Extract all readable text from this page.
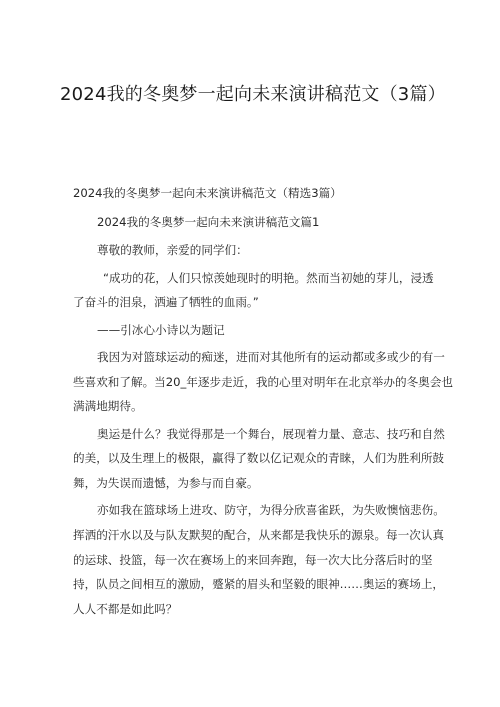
2024我的冬奥梦一起向未来演讲稿范文（3篇）
2024我的冬奥梦一起向未来演讲稿范文（精选3篇）
2024我的冬奥梦一起向未来演讲稿范文篇1
尊敬的教师，亲爱的同学们：
“成功的花，人们只惊羡她现时的明艳。然而当初她的芽儿，浸透
了奋斗的泪泉，洒遍了牺牲的血雨。”
——引冰心小诗以为题记
我因为对篮球运动的痴迷，进而对其他所有的运动都或多或少的有一
些喜欢和了解。当20_年逐步走近，我的心里对明年在北京举办的冬奥会也
满满地期待。
奥运是什么？我觉得那是一个舞台，展现着力量、意志、技巧和自然
的美，以及生理上的极限，赢得了数以亿记观众的青睐，人们为胜利所鼓
舞，为失误而遗憾，为参与而自豪。
亦如我在篮球场上进攻、防守，为得分欣喜雀跃，为失败懊恼悲伤。
挥洒的汗水以及与队友默契的配合，从来都是我快乐的源泉。每一次认真
的运球、投篮，每一次在赛场上的来回奔跑，每一次大比分落后时的坚
持，队员之间相互的激励，蹙紧的眉头和坚毅的眼神……奥运的赛场上，
人人不都是如此吗？
